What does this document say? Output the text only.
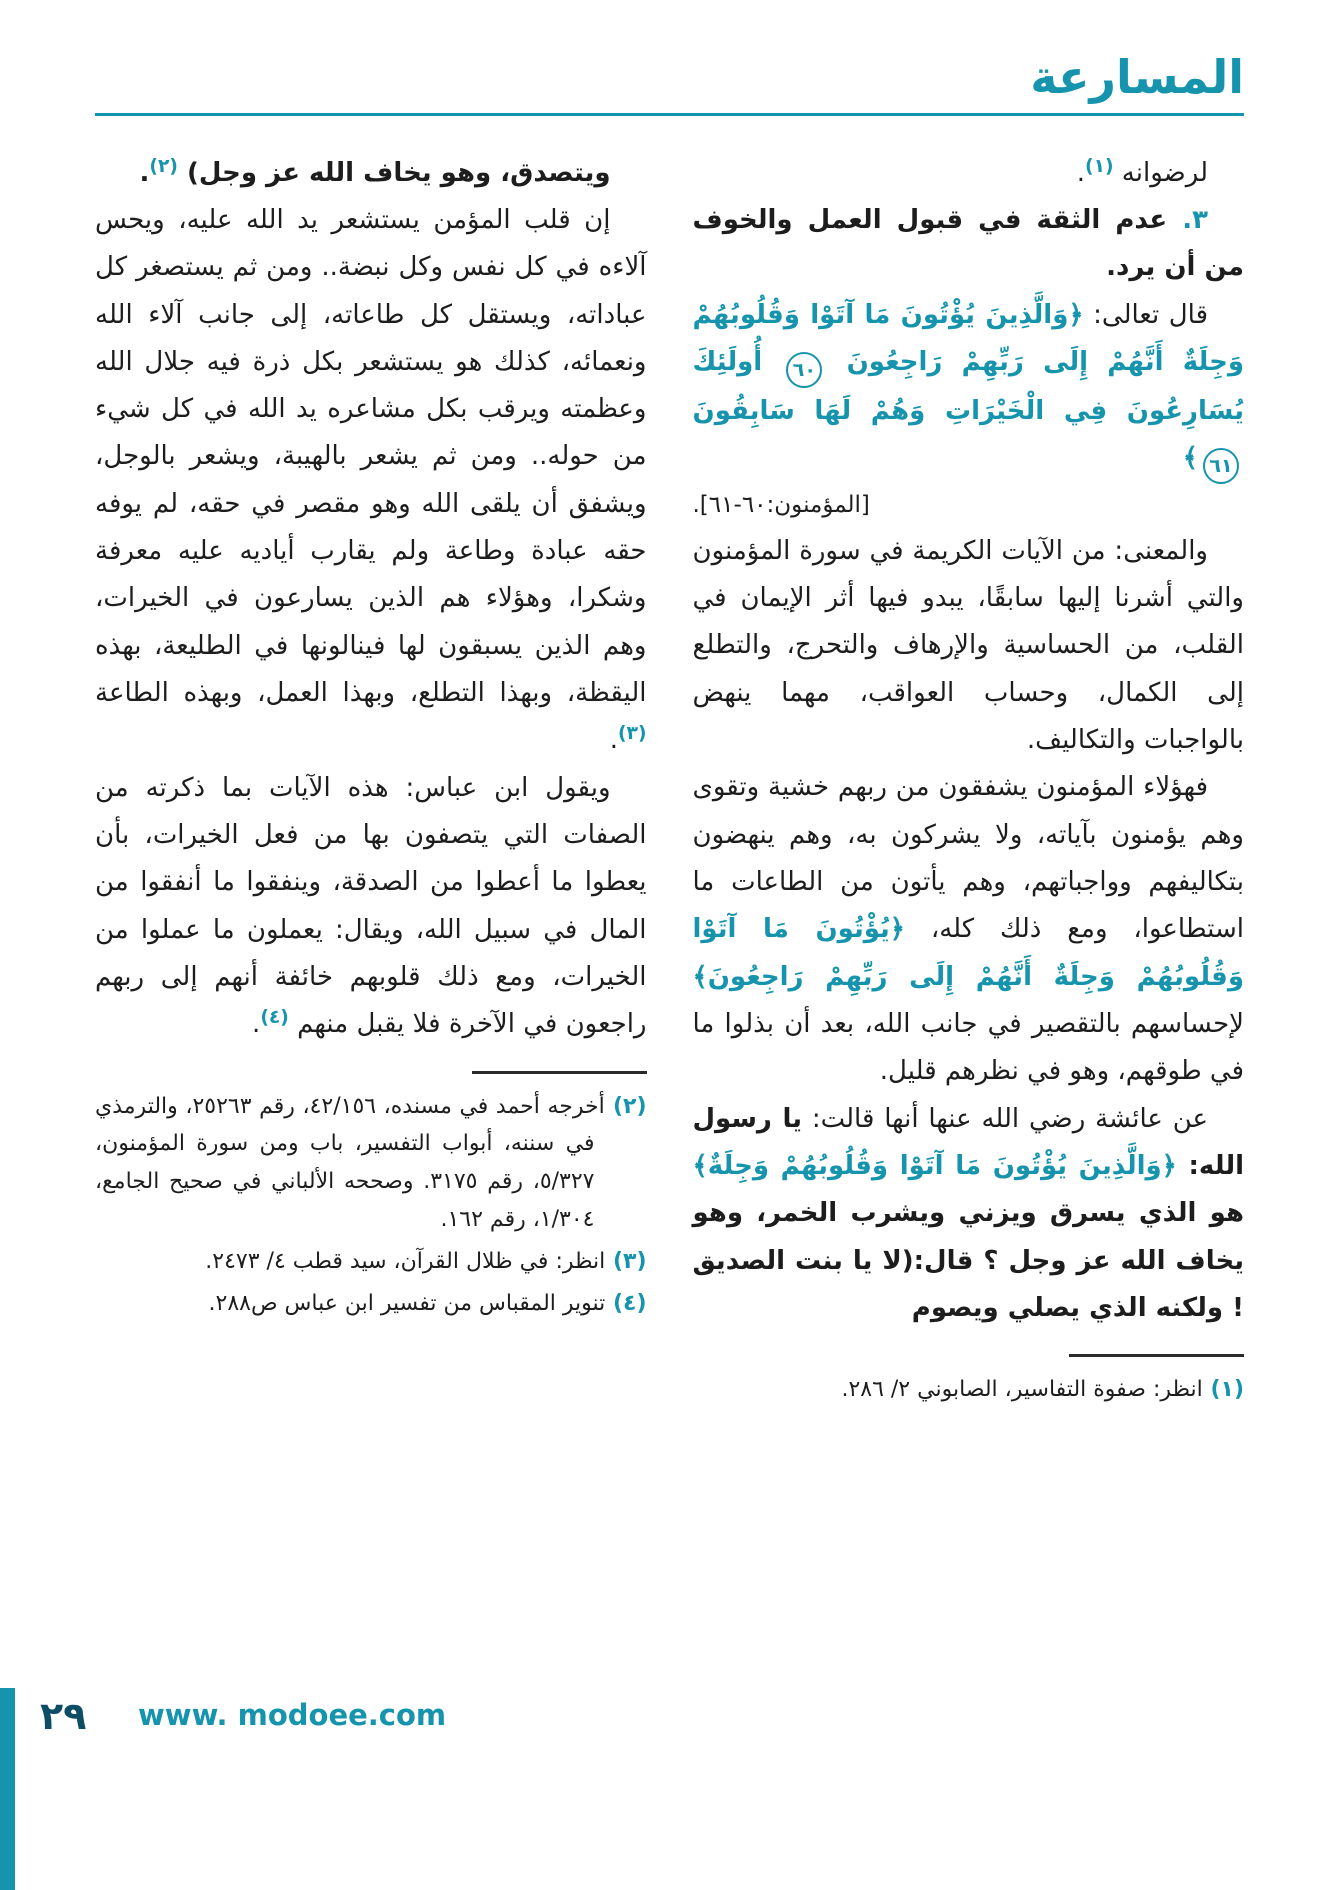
المسارعة

لرضوانه $^{(١)}$.

٣. عدم الثقة في قبول العمل والخوف من أن يرد.

قال تعالى: ﴿وَالَّذِينَ يُؤْتُونَ مَا آتَوْا وَقُلُوبُهُمْ وَجِلَةٌ أَنَّهُمْ إِلَى رَبِّهِمْ رَاجِعُونَ ٦٠ أُولَئِكَ يُسَارِعُونَ فِي الْخَيْرَاتِ وَهُمْ لَهَا سَابِقُونَ ٦١﴾

[المؤمنون:٦٠-٦١].

والمعنى: من الآيات الكريمة في سورة المؤمنون والتي أشرنا إليها سابقًا، يبدو فيها أثر الإيمان في القلب، من الحساسية والإرهاف والتحرج، والتطلع إلى الكمال، وحساب العواقب، مهما ينهض بالواجبات والتكاليف.

فهؤلاء المؤمنون يشفقون من ربهم خشية وتقوى وهم يؤمنون بآياته، ولا يشركون به، وهم ينهضون بتكاليفهم وواجباتهم، وهم يأتون من الطاعات ما استطاعوا، ومع ذلك كله، ﴿يُؤْتُونَ مَا آتَوْا وَقُلُوبُهُمْ وَجِلَةٌ أَنَّهُمْ إِلَى رَبِّهِمْ رَاجِعُونَ﴾ لإحساسهم بالتقصير في جانب الله، بعد أن بذلوا ما في طوقهم، وهو في نظرهم قليل.

عن عائشة رضي الله عنها أنها قالت: يا رسول الله: ﴿وَالَّذِينَ يُؤْتُونَ مَا آتَوْا وَقُلُوبُهُمْ وَجِلَةٌ﴾ هو الذي يسرق ويزني ويشرب الخمر، وهو يخاف الله عز وجل ؟ قال:(لا يا بنت الصديق ! ولكنه الذي يصلي ويصوم

(١) انظر: صفوة التفاسير، الصابوني ٢/ ٢٨٦.

ويتصدق، وهو يخاف الله عز وجل) $^{(٢)}$.

إن قلب المؤمن يستشعر يد الله عليه، ويحس آلاءه في كل نفس وكل نبضة.. ومن ثم يستصغر كل عباداته، ويستقل كل طاعاته، إلى جانب آلاء الله ونعمائه، كذلك هو يستشعر بكل ذرة فيه جلال الله وعظمته ويرقب بكل مشاعره يد الله في كل شيء من حوله.. ومن ثم يشعر بالهيبة، ويشعر بالوجل، ويشفق أن يلقى الله وهو مقصر في حقه، لم يوفه حقه عبادة وطاعة ولم يقارب أياديه عليه معرفة وشكرا، وهؤلاء هم الذين يسارعون في الخيرات، وهم الذين يسبقون لها فينالونها في الطليعة، بهذه اليقظة، وبهذا التطلع، وبهذا العمل، وبهذه الطاعة $^{(٣)}$.

ويقول ابن عباس: هذه الآيات بما ذكرته من الصفات التي يتصفون بها من فعل الخيرات، بأن يعطوا ما أعطوا من الصدقة، وينفقوا ما أنفقوا من المال في سبيل الله، ويقال: يعملون ما عملوا من الخيرات، ومع ذلك قلوبهم خائفة أنهم إلى ربهم راجعون في الآخرة فلا يقبل منهم $^{(٤)}$.

(٢) أخرجه أحمد في مسنده، ٤٢/١٥٦، رقم ٢٥٢٦٣، والترمذي في سننه، أبواب التفسير، باب ومن سورة المؤمنون، ٥/٣٢٧، رقم ٣١٧٥. وصححه الألباني في صحيح الجامع، ١/٣٠٤، رقم ١٦٢.

(٣) انظر: في ظلال القرآن، سيد قطب ٤/ ٢٤٧٣.

(٤) تنوير المقباس من تفسير ابن عباس ص٢٨٨.

٢٩ www. modoee.com
